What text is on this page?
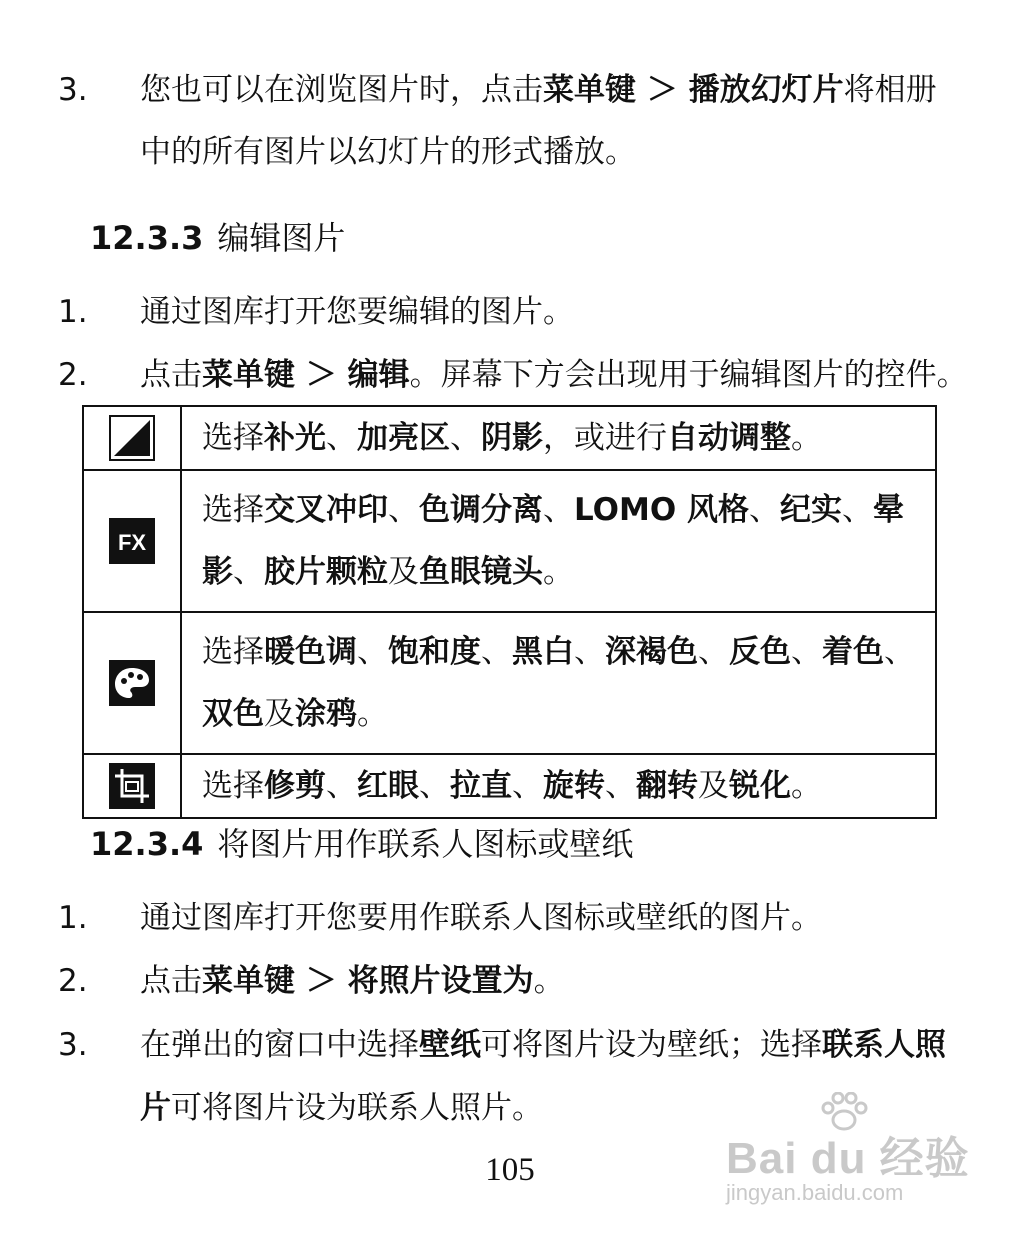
3. 您也可以在浏览图片时，点击菜单键 ＞ 播放幻灯片将相册
中的所有图片以幻灯片的形式播放。
12.3.3 编辑图片
1. 通过图库打开您要编辑的图片。
2. 点击菜单键 ＞ 编辑。屏幕下方会出现用于编辑图片的控件。
	选择补光、加亮区、阴影，或进行自动调整。

FX	选择交叉冲印、色调分离、LOMO 风格、纪实、晕
影、胶片颗粒及鱼眼镜头。

	选择暖色调、饱和度、黑白、深褐色、反色、着色、
双色及涂鸦。

	选择修剪、红眼、拉直、旋转、翻转及锐化。
12.3.4 将图片用作联系人图标或壁纸
1. 通过图库打开您要用作联系人图标或壁纸的图片。
2. 点击菜单键 ＞ 将照片设置为。
3. 在弹出的窗口中选择壁纸可将图片设为壁纸；选择联系人照
片可将图片设为联系人照片。
105	Bai du 经验
jingyan.baidu.com
